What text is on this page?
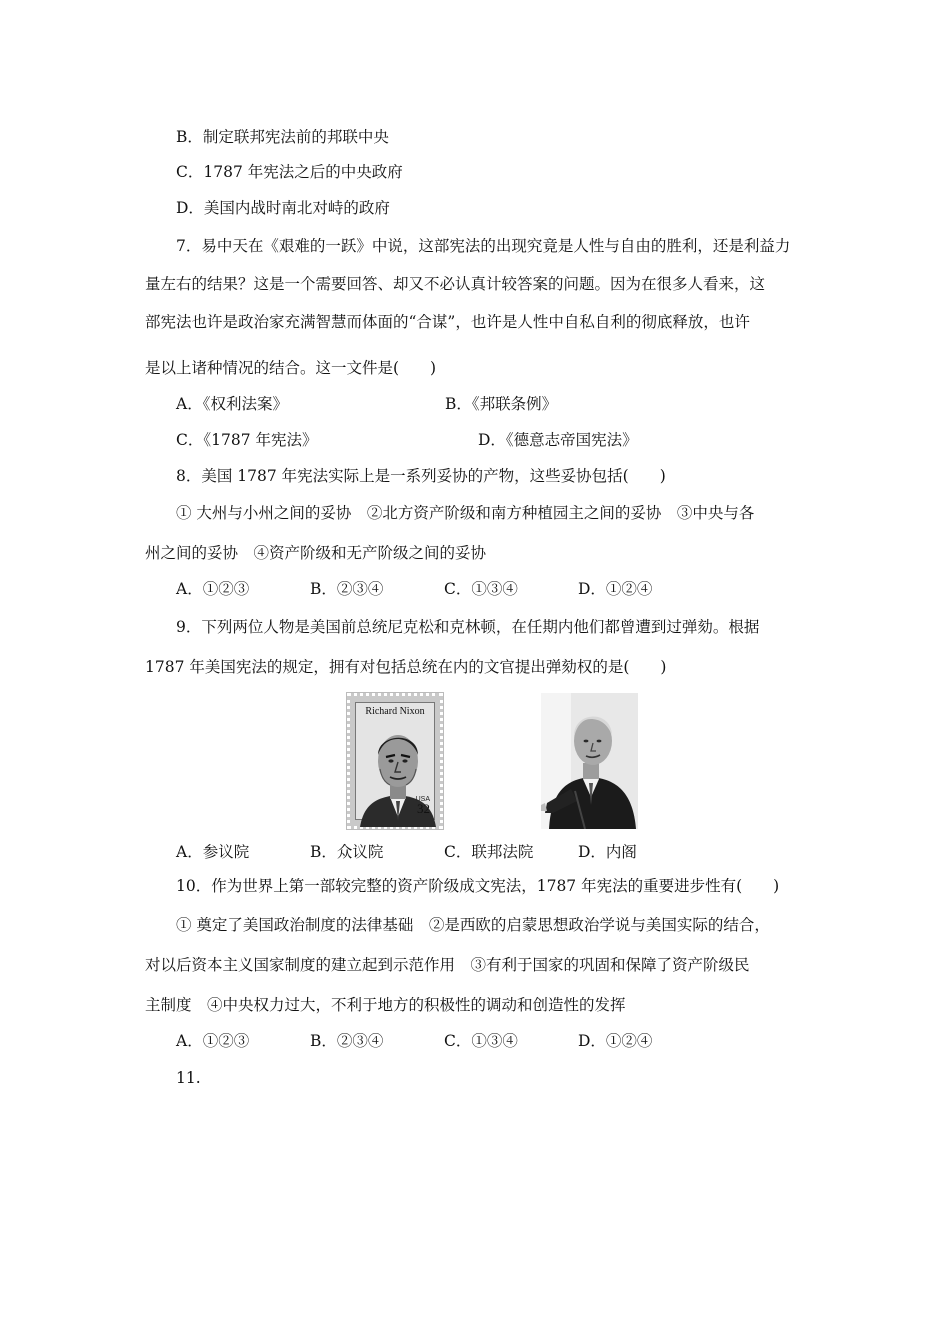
B．制定联邦宪法前的邦联中央
C．1787 年宪法之后的中央政府
D．美国内战时南北对峙的政府
7．易中天在《艰难的一跃》中说，这部宪法的出现究竟是人性与自由的胜利，还是利益力
量左右的结果？这是一个需要回答、却又不必认真计较答案的问题。因为在很多人看来，这
部宪法也许是政治家充满智慧而体面的“合谋”，也许是人性中自私自利的彻底释放，也许
是以上诸种情况的结合。这一文件是(　　)
A．《权利法案》	B．《邦联条例》
C．《1787 年宪法》	D．《德意志帝国宪法》
8．美国 1787 年宪法实际上是一系列妥协的产物，这些妥协包括(　　)
① 大州与小州之间的妥协　②北方资产阶级和南方种植园主之间的妥协　③中央与各
州之间的妥协　④资产阶级和无产阶级之间的妥协
A．①②③	B．②③④	C．①③④	D．①②④
9．下列两位人物是美国前总统尼克松和克林顿，在任期内他们都曾遭到过弹劾。根据
1787 年美国宪法的规定，拥有对包括总统在内的文官提出弹劾权的是(　　)
Richard Nixon
USA
32
A．参议院	B．众议院	C．联邦法院	D．内阁
10．作为世界上第一部较完整的资产阶级成文宪法，1787 年宪法的重要进步性有(　　)
① 奠定了美国政治制度的法律基础　②是西欧的启蒙思想政治学说与美国实际的结合，
对以后资本主义国家制度的建立起到示范作用　③有利于国家的巩固和保障了资产阶级民
主制度　④中央权力过大，不利于地方的积极性的调动和创造性的发挥
A．①②③	B．②③④	C．①③④	D．①②④
11.
